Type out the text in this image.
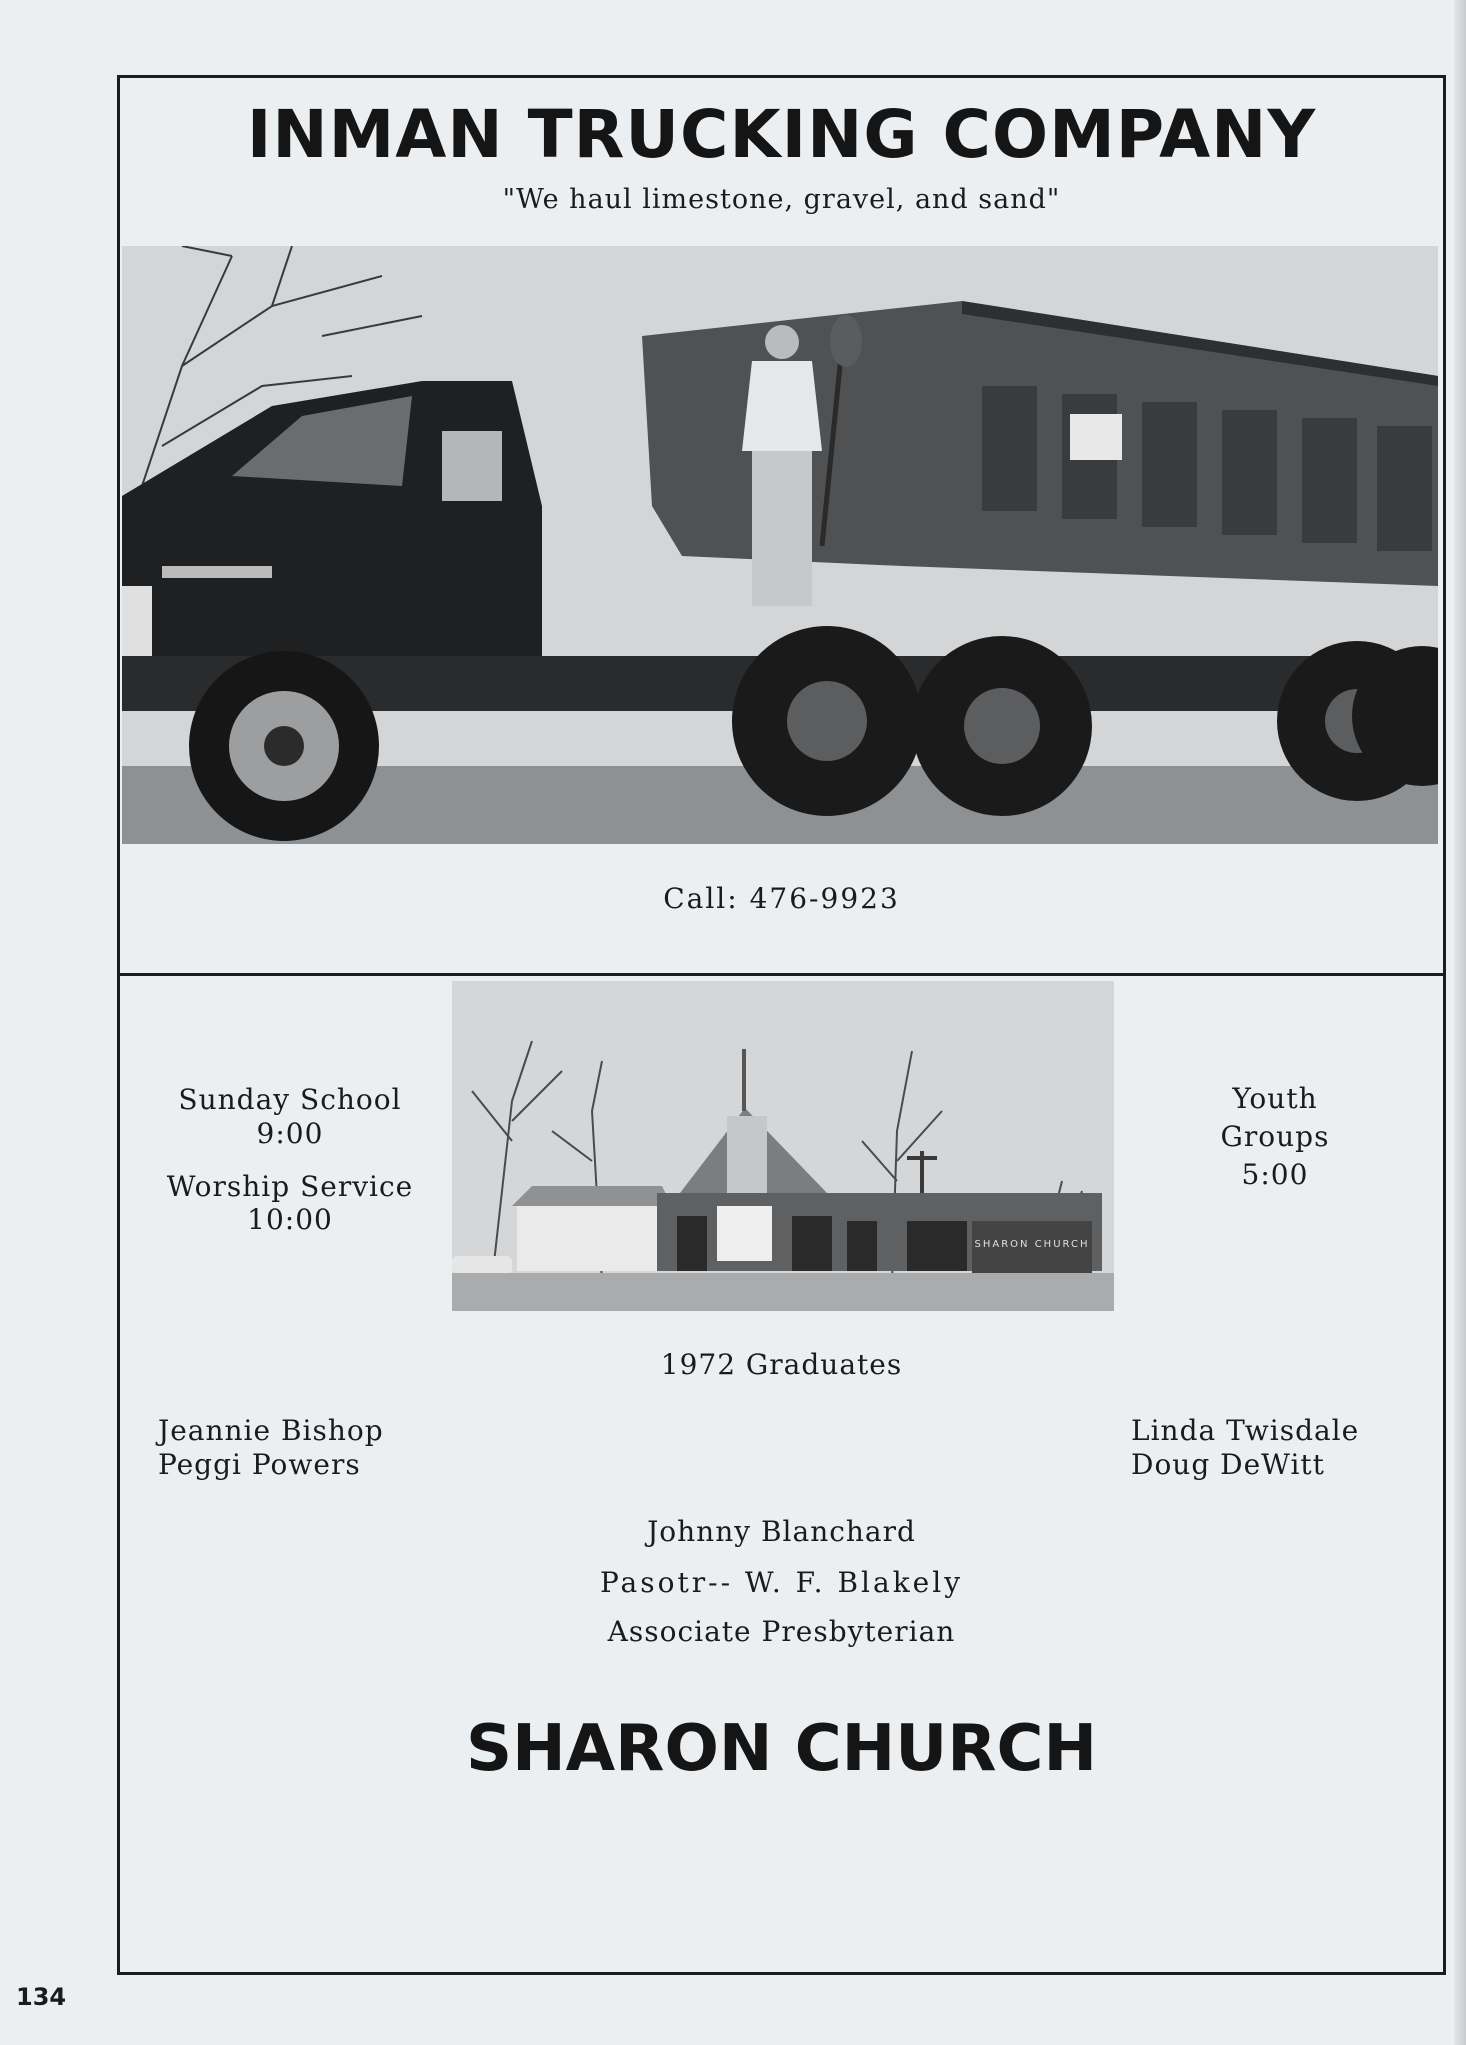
INMAN TRUCKING COMPANY
"We haul limestone, gravel, and sand"
Call: 476-9923
Sunday School
9:00
Worship Service
10:00
Youth
Groups
5:00
SHARON CHURCH
1972 Graduates
Jeannie Bishop
Peggi Powers
Linda Twisdale
Doug DeWitt
Johnny Blanchard
Pasotr-- W. F. Blakely
Associate Presbyterian
SHARON CHURCH
134
